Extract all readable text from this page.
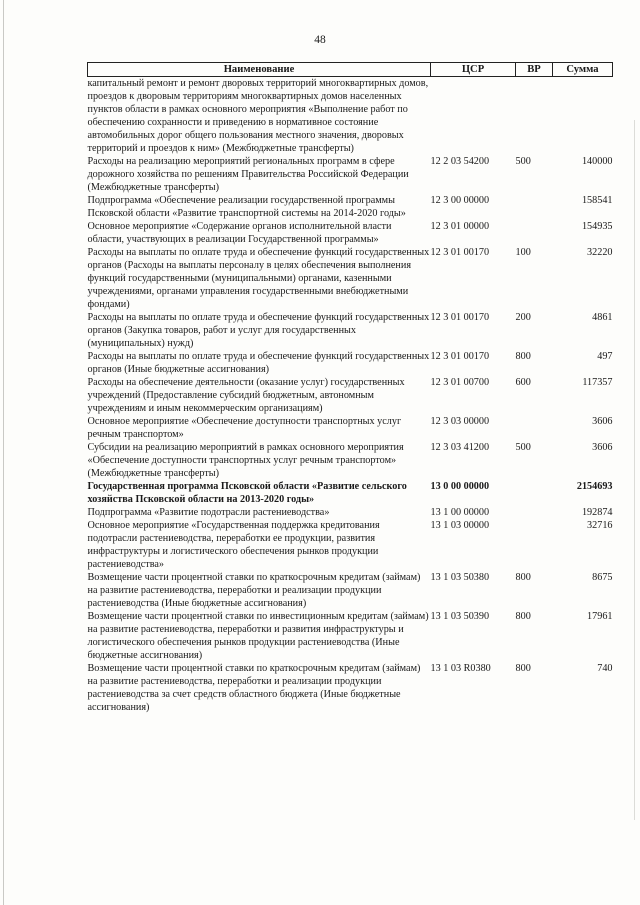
48
Наименование	ЦСР	ВР	Сумма
капитальный ремонт и ремонт дворовых территорий многоквартирных домов, проездов к дворовым территориям многоквартирных домов населенных пунктов области в рамках основного мероприятия «Выполнение работ по обеспечению сохранности и приведению в нормативное состояние автомобильных дорог общего пользования местного значения, дворовых территорий и проездов к ним» (Межбюджетные трансферты)			
Расходы на реализацию мероприятий региональных программ в сфере дорожного хозяйства по решениям Правительства Российской Федерации (Межбюджетные трансферты)	12 2 03 54200	500	140000
Подпрограмма «Обеспечение реализации государственной программы Псковской области «Развитие транспортной системы на 2014-2020 годы»	12 3 00 00000		158541
Основное мероприятие «Содержание органов исполнительной власти области, участвующих в реализации Государственной программы»	12 3 01 00000		154935
Расходы на выплаты по оплате труда и обеспечение функций государственных органов (Расходы на выплаты персоналу в целях обеспечения выполнения функций государственными (муниципальными) органами, казенными учреждениями, органами управления государственными внебюджетными фондами)	12 3 01 00170	100	32220
Расходы на выплаты по оплате труда и обеспечение функций государственных органов (Закупка товаров, работ и услуг для государственных (муниципальных) нужд)	12 3 01 00170	200	4861
Расходы на выплаты по оплате труда и обеспечение функций государственных органов (Иные бюджетные ассигнования)	12 3 01 00170	800	497
Расходы на обеспечение деятельности (оказание услуг) государственных учреждений (Предоставление субсидий бюджетным, автономным учреждениям и иным некоммерческим организациям)	12 3 01 00700	600	117357
Основное мероприятие «Обеспечение доступности транспортных услуг речным транспортом»	12 3 03 00000		3606
Субсидии на реализацию мероприятий в рамках основного мероприятия «Обеспечение доступности транспортных услуг речным транспортом» (Межбюджетные трансферты)	12 3 03 41200	500	3606
Государственная программа Псковской области «Развитие сельского хозяйства Псковской области на 2013-2020 годы»	13 0 00 00000		2154693
Подпрограмма «Развитие подотрасли растениеводства»	13 1 00 00000		192874
Основное мероприятие «Государственная поддержка кредитования подотрасли растениеводства, переработки ее продукции, развития инфраструктуры и логистического обеспечения рынков продукции растениеводства»	13 1 03 00000		32716
Возмещение части процентной ставки по краткосрочным кредитам (займам) на развитие растениеводства, переработки и реализации продукции растениеводства (Иные бюджетные ассигнования)	13 1 03 50380	800	8675
Возмещение части процентной ставки по инвестиционным кредитам (займам) на развитие растениеводства, переработки и развития инфраструктуры и логистического обеспечения рынков продукции растениеводства (Иные бюджетные ассигнования)	13 1 03 50390	800	17961
Возмещение части процентной ставки по краткосрочным кредитам (займам) на развитие растениеводства, переработки и реализации продукции растениеводства за счет средств областного бюджета (Иные бюджетные ассигнования)	13 1 03 R0380	800	740
